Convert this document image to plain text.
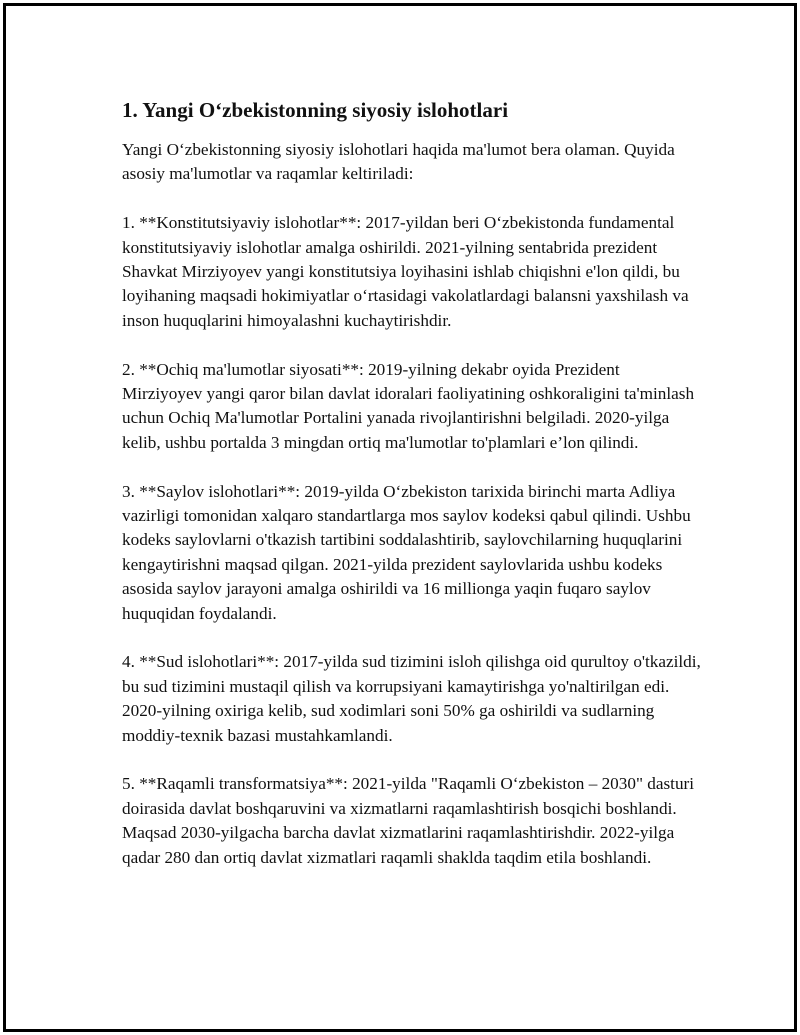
1. Yangi O‘zbekistonning siyosiy islohotlari

Yangi O‘zbekistonning siyosiy islohotlari haqida ma'lumot bera olaman. Quyida asosiy ma'lumotlar va raqamlar keltiriladi:

1. **Konstitutsiyaviy islohotlar**: 2017-yildan beri O‘zbekistonda fundamental konstitutsiyaviy islohotlar amalga oshirildi. 2021-yilning sentabrida prezident Shavkat Mirziyoyev yangi konstitutsiya loyihasini ishlab chiqishni e'lon qildi, bu loyihaning maqsadi hokimiyatlar o‘rtasidagi vakolatlardagi balansni yaxshilash va inson huquqlarini himoyalashni kuchaytirishdir.

2. **Ochiq ma'lumotlar siyosati**: 2019-yilning dekabr oyida Prezident Mirziyoyev yangi qaror bilan davlat idoralari faoliyatining oshkoraligini ta'minlash uchun Ochiq Ma'lumotlar Portalini yanada rivojlantirishni belgiladi. 2020-yilga kelib, ushbu portalda 3 mingdan ortiq ma'lumotlar to'plamlari e’lon qilindi.

3. **Saylov islohotlari**: 2019-yilda O‘zbekiston tarixida birinchi marta Adliya vazirligi tomonidan xalqaro standartlarga mos saylov kodeksi qabul qilindi. Ushbu kodeks saylovlarni o'tkazish tartibini soddalashtirib, saylovchilarning huquqlarini kengaytirishni maqsad qilgan. 2021-yilda prezident saylovlarida ushbu kodeks asosida saylov jarayoni amalga oshirildi va 16 millionga yaqin fuqaro saylov huquqidan foydalandi.

4. **Sud islohotlari**: 2017-yilda sud tizimini isloh qilishga oid qurultoy o'tkazildi, bu sud tizimini mustaqil qilish va korrupsiyani kamaytirishga yo'naltirilgan edi. 2020-yilning oxiriga kelib, sud xodimlari soni 50% ga oshirildi va sudlarning moddiy-texnik bazasi mustahkamlandi.

5. **Raqamli transformatsiya**: 2021-yilda "Raqamli O‘zbekiston – 2030" dasturi doirasida davlat boshqaruvini va xizmatlarni raqamlashtirish bosqichi boshlandi. Maqsad 2030-yilgacha barcha davlat xizmatlarini raqamlashtirishdir. 2022-yilga qadar 280 dan ortiq davlat xizmatlari raqamli shaklda taqdim etila boshlandi.
